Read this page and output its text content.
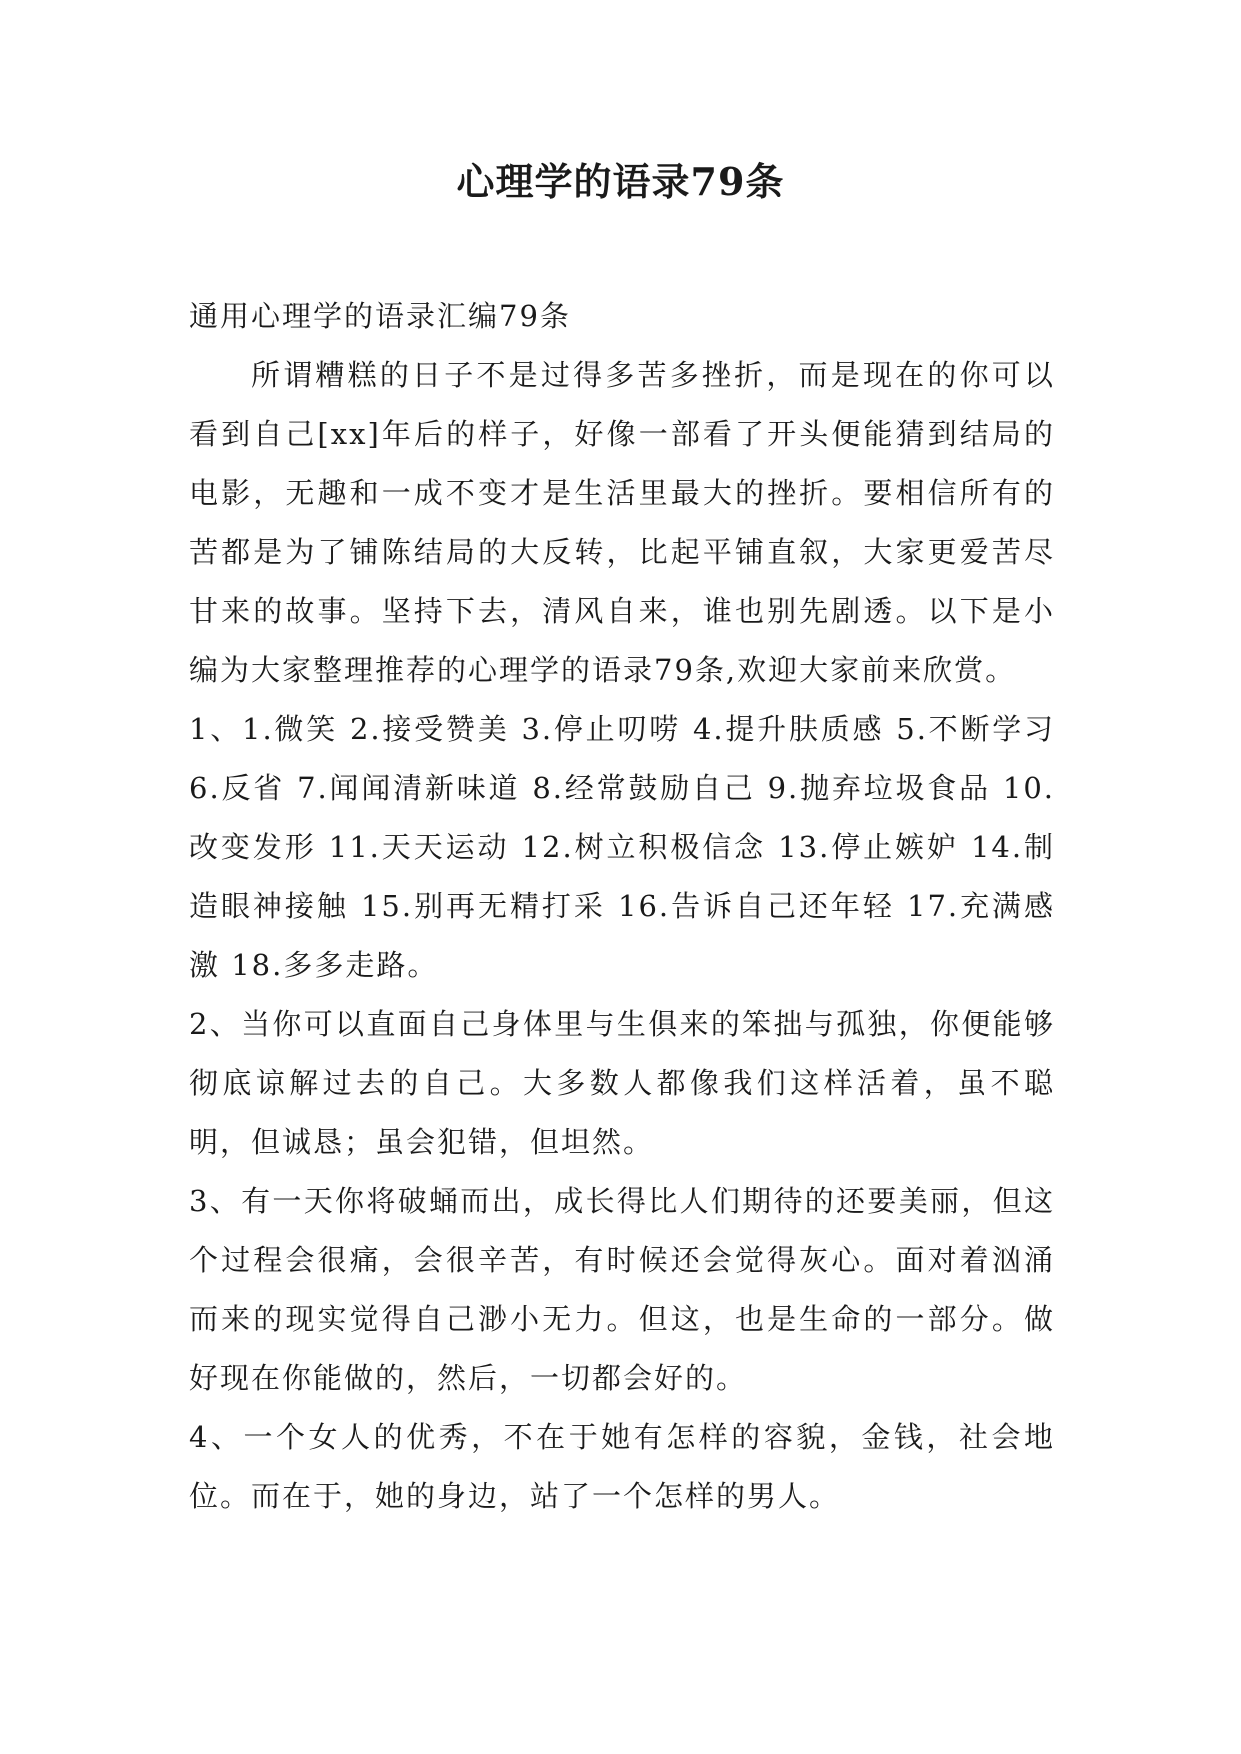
心理学的语录79条

通用心理学的语录汇编79条

所谓糟糕的日子不是过得多苦多挫折，而是现在的你可以看到自己[xx]年后的样子，好像一部看了开头便能猜到结局的电影，无趣和一成不变才是生活里最大的挫折。要相信所有的苦都是为了铺陈结局的大反转，比起平铺直叙，大家更爱苦尽甘来的故事。坚持下去，清风自来，谁也别先剧透。以下是小编为大家整理推荐的心理学的语录79条,欢迎大家前来欣赏。

1、1.微笑 2.接受赞美 3.停止叨唠 4.提升肤质感 5.不断学习 6.反省 7.闻闻清新味道 8.经常鼓励自己 9.抛弃垃圾食品 10.改变发形 11.天天运动 12.树立积极信念 13.停止嫉妒 14.制造眼神接触 15.别再无精打采 16.告诉自己还年轻 17.充满感激 18.多多走路。

2、当你可以直面自己身体里与生俱来的笨拙与孤独，你便能够彻底谅解过去的自己。大多数人都像我们这样活着，虽不聪明，但诚恳；虽会犯错，但坦然。

3、有一天你将破蛹而出，成长得比人们期待的还要美丽，但这个过程会很痛，会很辛苦，有时候还会觉得灰心。面对着汹涌而来的现实觉得自己渺小无力。但这，也是生命的一部分。做好现在你能做的，然后，一切都会好的。

4、一个女人的优秀，不在于她有怎样的容貌，金钱，社会地位。而在于，她的身边，站了一个怎样的男人。
